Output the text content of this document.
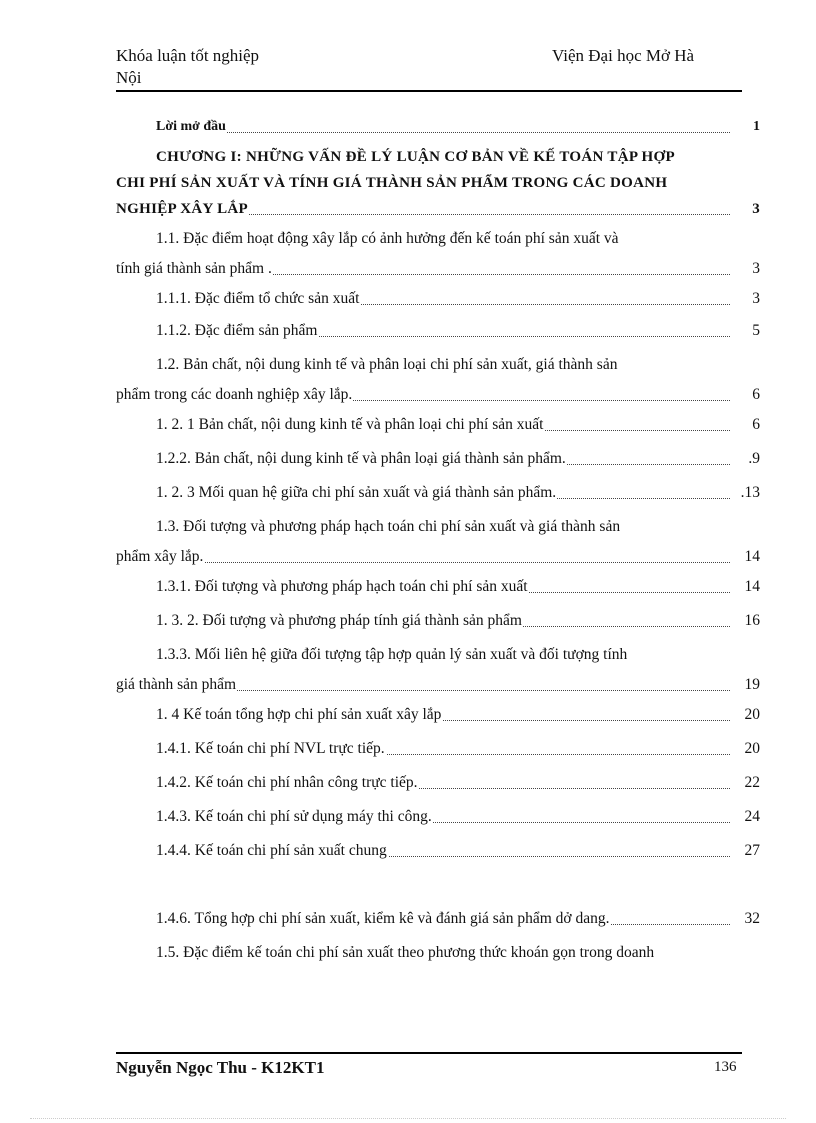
Khóa luận tốt nghiệp	Viện Đại học Mở Hà
Nội
Lời mở đầu	1
CHƯƠNG I: NHỮNG VẤN ĐỀ LÝ LUẬN CƠ BẢN VỀ KẾ TOÁN TẬP HỢP
CHI PHÍ SẢN XUẤT VÀ TÍNH GIÁ THÀNH SẢN PHẨM TRONG CÁC DOANH
NGHIỆP XÂY LẮP	3
1.1. Đặc điểm hoạt động xây lắp có ảnh hưởng đến kế toán phí sản xuất và
tính giá thành sản phẩm .	3
1.1.1. Đặc điểm tổ chức sản xuất	3
1.1.2. Đặc điểm sản phẩm	5
1.2. Bản chất, nội dung kinh tế và phân loại chi phí sản xuất, giá thành sản
phẩm trong các doanh nghiệp xây lắp.	6
1. 2. 1 Bản chất, nội dung kinh tế và phân loại chi phí sản xuất	6
1.2.2. Bản chất, nội dung kinh tế và phân loại giá thành sản phẩm.	.9
1. 2. 3 Mối quan hệ giữa chi phí sản xuất và giá thành sản phẩm.	.13
1.3. Đối tượng và phương pháp hạch toán chi phí sản xuất và giá thành sản
phẩm xây lắp.	14
1.3.1. Đối tượng và phương pháp hạch toán chi phí sản xuất	14
1. 3. 2. Đối tượng và phương pháp tính giá thành sản phẩm	16
1.3.3. Mối liên hệ giữa đối tượng tập hợp quản lý sản xuất và đối tượng tính
giá thành sản phẩm	19
1. 4 Kế toán tổng hợp chi phí sản xuất xây lắp	20
1.4.1. Kế toán chi phí NVL trực tiếp.	20
1.4.2. Kế toán chi phí nhân công trực tiếp.	22
1.4.3. Kế toán chi phí sử dụng máy thi công.	24
1.4.4. Kế toán chi phí sản xuất chung	27
1.4.6. Tổng hợp chi phí sản xuất, kiểm kê và đánh giá sản phẩm dở dang.	32
1.5. Đặc điểm kế toán chi phí sản xuất theo phương thức khoán gọn trong doanh
Nguyễn Ngọc Thu - K12KT1	136
